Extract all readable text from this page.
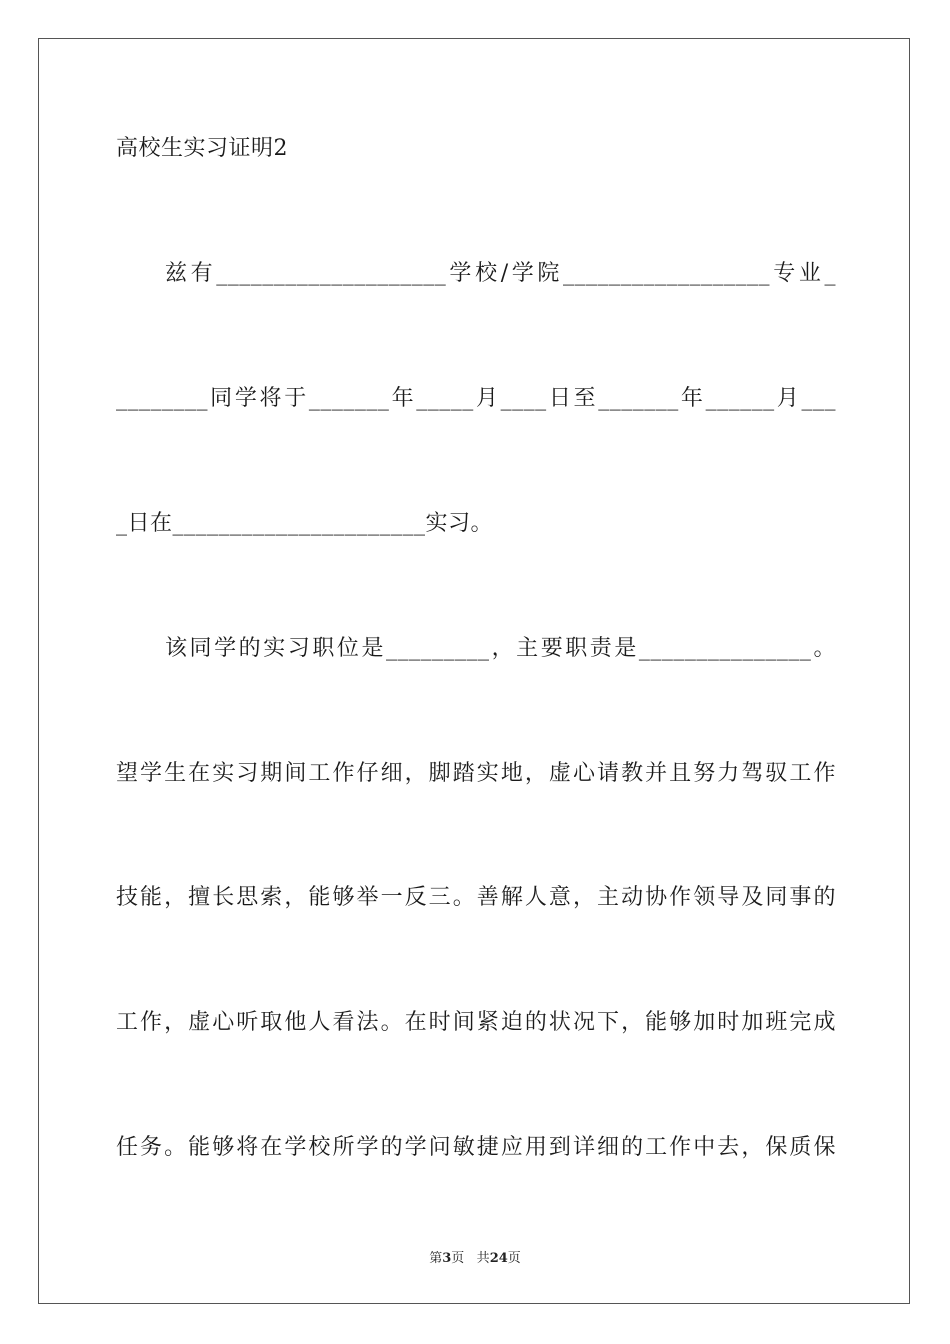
高校生实习证明2
兹有____________________学校/学院__________________专业_
________同学将于_______年_____月____日至_______年______月___
_日在______________________实习。
该同学的实习职位是_________，主要职责是_______________。
望学生在实习期间工作仔细，脚踏实地，虚心请教并且努力驾驭工作
技能，擅长思索，能够举一反三。善解人意，主动协作领导及同事的
工作，虚心听取他人看法。在时间紧迫的状况下，能够加时加班完成
任务。能够将在学校所学的学问敏捷应用到详细的工作中去，保质保
第3页 共24页
